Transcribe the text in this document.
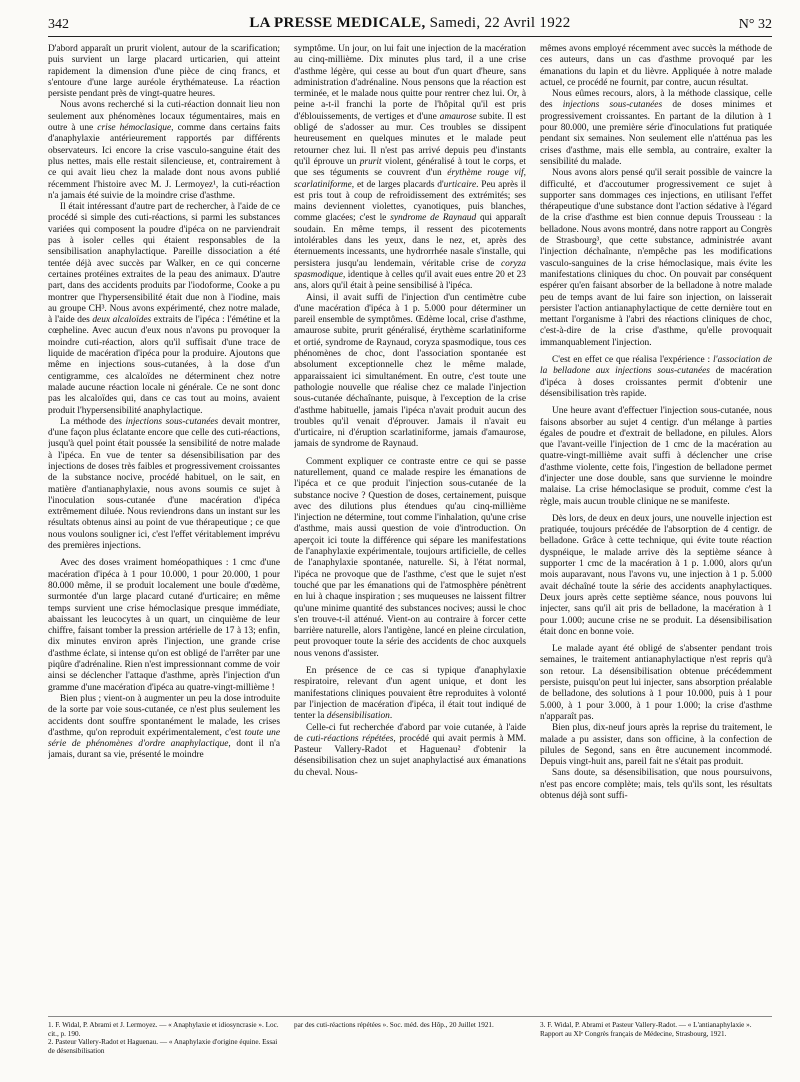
342	LA PRESSE MEDICALE, Samedi, 22 Avril 1922	N° 32

D'abord apparaît un prurit violent, autour de la scarification; puis survient un large placard urticarien, qui atteint rapidement la dimension d'une pièce de cinq francs, et s'entoure d'une large auréole érythémateuse. La réaction persiste pendant près de vingt-quatre heures.

Nous avons recherché si la cuti-réaction donnait lieu non seulement aux phénomènes locaux tégumentaires, mais en outre à une crise hémoclasique, comme dans certains faits d'anaphylaxie antérieurement rapportés par différents observateurs. Ici encore la crise vasculo-sanguine était des plus nettes, mais elle restait silencieuse, et, contrairement à ce qui avait lieu chez la malade dont nous avons publié récemment l'histoire avec M. J. Lermoyez¹, la cuti-réaction n'a jamais été suivie de la moindre crise d'asthme.

Il était intéressant d'autre part de rechercher, à l'aide de ce procédé si simple des cuti-réactions, si parmi les substances variées qui composent la poudre d'ipéca on ne parviendrait pas à isoler celles qui étaient responsables de la sensibilisation anaphylactique. Pareille dissociation a été tentée déjà avec succès par Walker, en ce qui concerne certaines protéines extraites de la peau des animaux. D'autre part, dans des accidents produits par l'iodoforme, Cooke a pu montrer que l'hypersensibilité était due non à l'iodine, mais au groupe CH³. Nous avons expérimenté, chez notre malade, à l'aide des deux alcaloïdes extraits de l'ipéca : l'émétine et la cœpheline. Avec aucun d'eux nous n'avons pu provoquer la moindre cuti-réaction, alors qu'il suffisait d'une trace de liquide de macération d'ipéca pour la produire. Ajoutons que même en injections sous-cutanées, à la dose d'un centigramme, ces alcaloïdes ne déterminent chez notre malade aucune réaction locale ni générale. Ce ne sont donc pas les alcaloïdes qui, dans ce cas tout au moins, avaient produit l'hypersensibilité anaphylactique.

La méthode des injections sous-cutanées devait montrer, d'une façon plus éclatante encore que celle des cuti-réactions, jusqu'à quel point était poussée la sensibilité de notre malade à l'ipéca. En vue de tenter sa désensibilisation par des injections de doses très faibles et progressivement croissantes de la substance nocive, procédé habituel, on le sait, en matière d'antianaphylaxie, nous avons soumis ce sujet à l'inoculation sous-cutanée d'une macération d'ipéca extrêmement diluée. Nous reviendrons dans un instant sur les résultats obtenus ainsi au point de vue thérapeutique ; ce que nous voulons souligner ici, c'est l'effet véritablement imprévu des premières injections.

Avec des doses vraiment homéopathiques : 1 cmc d'une macération d'ipéca à 1 pour 10.000, 1 pour 20.000, 1 pour 80.000 même, il se produit localement une boule d'œdème, surmontée d'un large placard cutané d'urticaire; en même temps survient une crise hémoclasique presque immédiate, abaissant les leucocytes à un quart, un cinquième de leur chiffre, faisant tomber la pression artérielle de 17 à 13; enfin, dix minutes environ après l'injection, une grande crise d'asthme éclate, si intense qu'on est obligé de l'arrêter par une piqûre d'adrénaline. Rien n'est impressionnant comme de voir ainsi se déclencher l'attaque d'asthme, après l'injection d'un gramme d'une macération d'ipéca au quatre-vingt-millième !

Bien plus ; vient-on à augmenter un peu la dose introduite de la sorte par voie sous-cutanée, ce n'est plus seulement les accidents dont souffre spontanément le malade, les crises d'asthme, qu'on reproduit expérimentalement, c'est toute une série de phénomènes d'ordre anaphylactique, dont il n'a jamais, durant sa vie, présenté le moindre

symptôme. Un jour, on lui fait une injection de la macération au cinq-millième. Dix minutes plus tard, il a une crise d'asthme légère, qui cesse au bout d'un quart d'heure, sans administration d'adrénaline. Nous pensons que la réaction est terminée, et le malade nous quitte pour rentrer chez lui. Or, à peine a-t-il franchi la porte de l'hôpital qu'il est pris d'éblouissements, de vertiges et d'une amaurose subite. Il est obligé de s'adosser au mur. Ces troubles se dissipent heureusement en quelques minutes et le malade peut retourner chez lui. Il n'est pas arrivé depuis peu d'instants qu'il éprouve un prurit violent, généralisé à tout le corps, et que ses téguments se couvrent d'un érythème rouge vif, scarlatiniforme, et de larges placards d'urticaire. Peu après il est pris tout à coup de refroidissement des extrémités; ses mains deviennent violettes, cyanotiques, puis blanches, comme glacées; c'est le syndrome de Raynaud qui apparaît soudain. En même temps, il ressent des picotements intolérables dans les yeux, dans le nez, et, après des éternuements incessants, une hydrorrhée nasale s'installe, qui persistera jusqu'au lendemain, véritable crise de coryza spasmodique, identique à celles qu'il avait eues entre 20 et 23 ans, alors qu'il était à peine sensibilisé à l'ipéca.

Ainsi, il avait suffi de l'injection d'un centimètre cube d'une macération d'ipéca à 1 p. 5.000 pour déterminer un pareil ensemble de symptômes. Œdème local, crise d'asthme, amaurose subite, prurit généralisé, érythème scarlatiniforme et ortié, syndrome de Raynaud, coryza spasmodique, tous ces phénomènes de choc, dont l'association spontanée est absolument exceptionnelle chez le même malade, apparaissaient ici simultanément. En outre, c'est toute une pathologie nouvelle que réalise chez ce malade l'injection sous-cutanée déchaînante, puisque, à l'exception de la crise d'asthme habituelle, jamais l'ipéca n'avait produit aucun des troubles qu'il venait d'éprouver. Jamais il n'avait eu d'urticaire, ni d'éruption scarlatiniforme, jamais d'amaurose, jamais de syndrome de Raynaud.

Comment expliquer ce contraste entre ce qui se passe naturellement, quand ce malade respire les émanations de l'ipéca et ce que produit l'injection sous-cutanée de la substance nocive ? Question de doses, certainement, puisque avec des dilutions plus étendues qu'au cinq-millième l'injection ne détermine, tout comme l'inhalation, qu'une crise d'asthme, mais aussi question de voie d'introduction. On aperçoit ici toute la différence qui sépare les manifestations de l'anaphylaxie expérimentale, toujours artificielle, de celles de l'anaphylaxie spontanée, naturelle. Si, à l'état normal, l'ipéca ne provoque que de l'asthme, c'est que le sujet n'est touché que par les émanations qui de l'atmosphère pénètrent en lui à chaque inspiration ; ses muqueuses ne laissent filtrer qu'une minime quantité des substances nocives; aussi le choc s'en trouve-t-il atténué. Vient-on au contraire à forcer cette barrière naturelle, alors l'antigène, lancé en pleine circulation, peut provoquer toute la série des accidents de choc auxquels nous venons d'assister.

En présence de ce cas si typique d'anaphylaxie respiratoire, relevant d'un agent unique, et dont les manifestations cliniques pouvaient être reproduites à volonté par l'injection de macération d'ipéca, il était tout indiqué de tenter la désensibilisation.

Celle-ci fut recherchée d'abord par voie cutanée, à l'aide de cuti-réactions répétées, procédé qui avait permis à MM. Pasteur Vallery-Radot et Haguenau² d'obtenir la désensibilisation chez un sujet anaphylactisé aux émanations du cheval. Nous-

mêmes avons employé récemment avec succès la méthode de ces auteurs, dans un cas d'asthme provoqué par les émanations du lapin et du lièvre. Appliquée à notre malade actuel, ce procédé ne fournit, par contre, aucun résultat.

Nous eûmes recours, alors, à la méthode classique, celle des injections sous-cutanées de doses minimes et progressivement croissantes. En partant de la dilution à 1 pour 80.000, une première série d'inoculations fut pratiquée pendant six semaines. Non seulement elle n'atténua pas les crises d'asthme, mais elle sembla, au contraire, exalter la sensibilité du malade.

Nous avons alors pensé qu'il serait possible de vaincre la difficulté, et d'accoutumer progressivement ce sujet à supporter sans dommages ces injections, en utilisant l'effet thérapeutique d'une substance dont l'action sédative à l'égard de la crise d'asthme est bien connue depuis Trousseau : la belladone. Nous avons montré, dans notre rapport au Congrès de Strasbourg³, que cette substance, administrée avant l'injection déchaînante, n'empêche pas les modifications vasculo-sanguines de la crise hémoclasique, mais évite les manifestations cliniques du choc. On pouvait par conséquent espérer qu'en faisant absorber de la belladone à notre malade peu de temps avant de lui faire son injection, on laisserait persister l'action antianaphylactique de cette dernière tout en mettant l'organisme à l'abri des réactions cliniques de choc, c'est-à-dire de la crise d'asthme, qu'elle provoquait immanquablement l'injection.

C'est en effet ce que réalisa l'expérience : l'association de la belladone aux injections sous-cutanées de macération d'ipéca à doses croissantes permit d'obtenir une désensibilisation très rapide.

Une heure avant d'effectuer l'injection sous-cutanée, nous faisons absorber au sujet 4 centigr. d'un mélange à parties égales de poudre et d'extrait de belladone, en pilules. Alors que l'avant-veille l'injection de 1 cmc de la macération au quatre-vingt-millième avait suffi à déclencher une crise d'asthme violente, cette fois, l'ingestion de belladone permet d'injecter une dose double, sans que survienne le moindre malaise. La crise hémoclasique se produit, comme c'est la règle, mais aucun trouble clinique ne se manifeste.

Dès lors, de deux en deux jours, une nouvelle injection est pratiquée, toujours précédée de l'absorption de 4 centigr. de belladone. Grâce à cette technique, qui évite toute réaction dyspnéique, le malade arrive dès la septième séance à supporter 1 cmc de la macération à 1 p. 1.000, alors qu'un mois auparavant, nous l'avons vu, une injection à 1 p. 5.000 avait déchaîné toute la série des accidents anaphylactiques. Deux jours après cette septième séance, nous pouvons lui injecter, sans qu'il ait pris de belladone, la macération à 1 pour 1.000; aucune crise ne se produit. La désensibilisation était donc en bonne voie.

Le malade ayant été obligé de s'absenter pendant trois semaines, le traitement antianaphylactique n'est repris qu'à son retour. La désensibilisation obtenue précédemment persiste, puisqu'on peut lui injecter, sans absorption préalable de belladone, des solutions à 1 pour 10.000, puis à 1 pour 5.000, à 1 pour 3.000, à 1 pour 1.000; la crise d'asthme n'apparaît pas.

Bien plus, dix-neuf jours après la reprise du traitement, le malade a pu assister, dans son officine, à la confection de pilules de Segond, sans en être aucunement incommodé. Depuis vingt-huit ans, pareil fait ne s'était pas produit.

Sans doute, sa désensibilisation, que nous poursuivons, n'est pas encore complète; mais, tels qu'ils sont, les résultats obtenus déjà sont suffi-

1. F. Widal, P. Abrami et J. Lermoyez. — « Anaphylaxie et idiosyncrasie ». Loc. cit., p. 190.

2. Pasteur Vallery-Radot et Haguenau. — « Anaphylaxie d'origine équine. Essai de désensibilisation

par des cuti-réactions répétées ». Soc. méd. des Hôp., 20 Juillet 1921.	3. F. Widal, P. Abrami et Pasteur Vallery-Radot. — « L'antianaphylaxie ». Rapport au XIᵉ Congrès français de Médecine, Strasbourg, 1921.
